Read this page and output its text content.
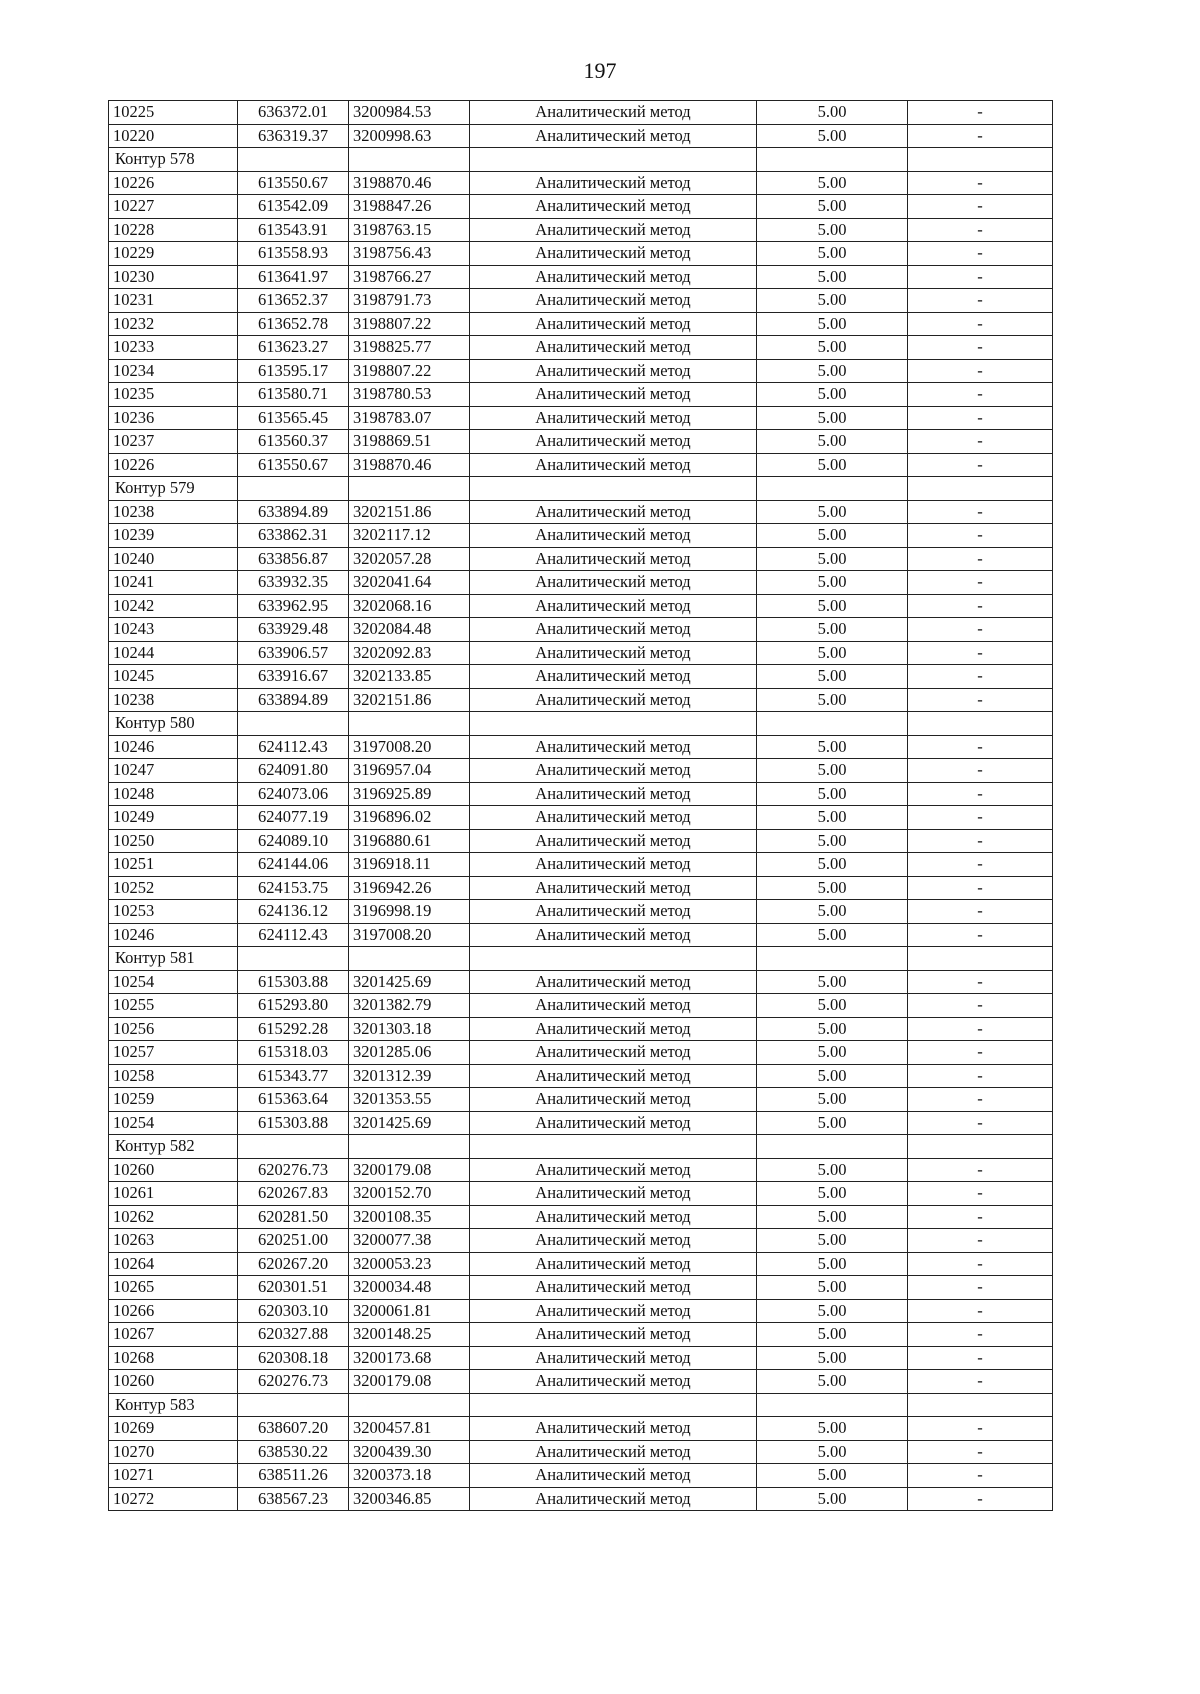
197
10225	636372.01	3200984.53	Аналитический метод	5.00	-
10220	636319.37	3200998.63	Аналитический метод	5.00	-
Контур 578					
10226	613550.67	3198870.46	Аналитический метод	5.00	-
10227	613542.09	3198847.26	Аналитический метод	5.00	-
10228	613543.91	3198763.15	Аналитический метод	5.00	-
10229	613558.93	3198756.43	Аналитический метод	5.00	-
10230	613641.97	3198766.27	Аналитический метод	5.00	-
10231	613652.37	3198791.73	Аналитический метод	5.00	-
10232	613652.78	3198807.22	Аналитический метод	5.00	-
10233	613623.27	3198825.77	Аналитический метод	5.00	-
10234	613595.17	3198807.22	Аналитический метод	5.00	-
10235	613580.71	3198780.53	Аналитический метод	5.00	-
10236	613565.45	3198783.07	Аналитический метод	5.00	-
10237	613560.37	3198869.51	Аналитический метод	5.00	-
10226	613550.67	3198870.46	Аналитический метод	5.00	-
Контур 579					
10238	633894.89	3202151.86	Аналитический метод	5.00	-
10239	633862.31	3202117.12	Аналитический метод	5.00	-
10240	633856.87	3202057.28	Аналитический метод	5.00	-
10241	633932.35	3202041.64	Аналитический метод	5.00	-
10242	633962.95	3202068.16	Аналитический метод	5.00	-
10243	633929.48	3202084.48	Аналитический метод	5.00	-
10244	633906.57	3202092.83	Аналитический метод	5.00	-
10245	633916.67	3202133.85	Аналитический метод	5.00	-
10238	633894.89	3202151.86	Аналитический метод	5.00	-
Контур 580					
10246	624112.43	3197008.20	Аналитический метод	5.00	-
10247	624091.80	3196957.04	Аналитический метод	5.00	-
10248	624073.06	3196925.89	Аналитический метод	5.00	-
10249	624077.19	3196896.02	Аналитический метод	5.00	-
10250	624089.10	3196880.61	Аналитический метод	5.00	-
10251	624144.06	3196918.11	Аналитический метод	5.00	-
10252	624153.75	3196942.26	Аналитический метод	5.00	-
10253	624136.12	3196998.19	Аналитический метод	5.00	-
10246	624112.43	3197008.20	Аналитический метод	5.00	-
Контур 581					
10254	615303.88	3201425.69	Аналитический метод	5.00	-
10255	615293.80	3201382.79	Аналитический метод	5.00	-
10256	615292.28	3201303.18	Аналитический метод	5.00	-
10257	615318.03	3201285.06	Аналитический метод	5.00	-
10258	615343.77	3201312.39	Аналитический метод	5.00	-
10259	615363.64	3201353.55	Аналитический метод	5.00	-
10254	615303.88	3201425.69	Аналитический метод	5.00	-
Контур 582					
10260	620276.73	3200179.08	Аналитический метод	5.00	-
10261	620267.83	3200152.70	Аналитический метод	5.00	-
10262	620281.50	3200108.35	Аналитический метод	5.00	-
10263	620251.00	3200077.38	Аналитический метод	5.00	-
10264	620267.20	3200053.23	Аналитический метод	5.00	-
10265	620301.51	3200034.48	Аналитический метод	5.00	-
10266	620303.10	3200061.81	Аналитический метод	5.00	-
10267	620327.88	3200148.25	Аналитический метод	5.00	-
10268	620308.18	3200173.68	Аналитический метод	5.00	-
10260	620276.73	3200179.08	Аналитический метод	5.00	-
Контур 583					
10269	638607.20	3200457.81	Аналитический метод	5.00	-
10270	638530.22	3200439.30	Аналитический метод	5.00	-
10271	638511.26	3200373.18	Аналитический метод	5.00	-
10272	638567.23	3200346.85	Аналитический метод	5.00	-
